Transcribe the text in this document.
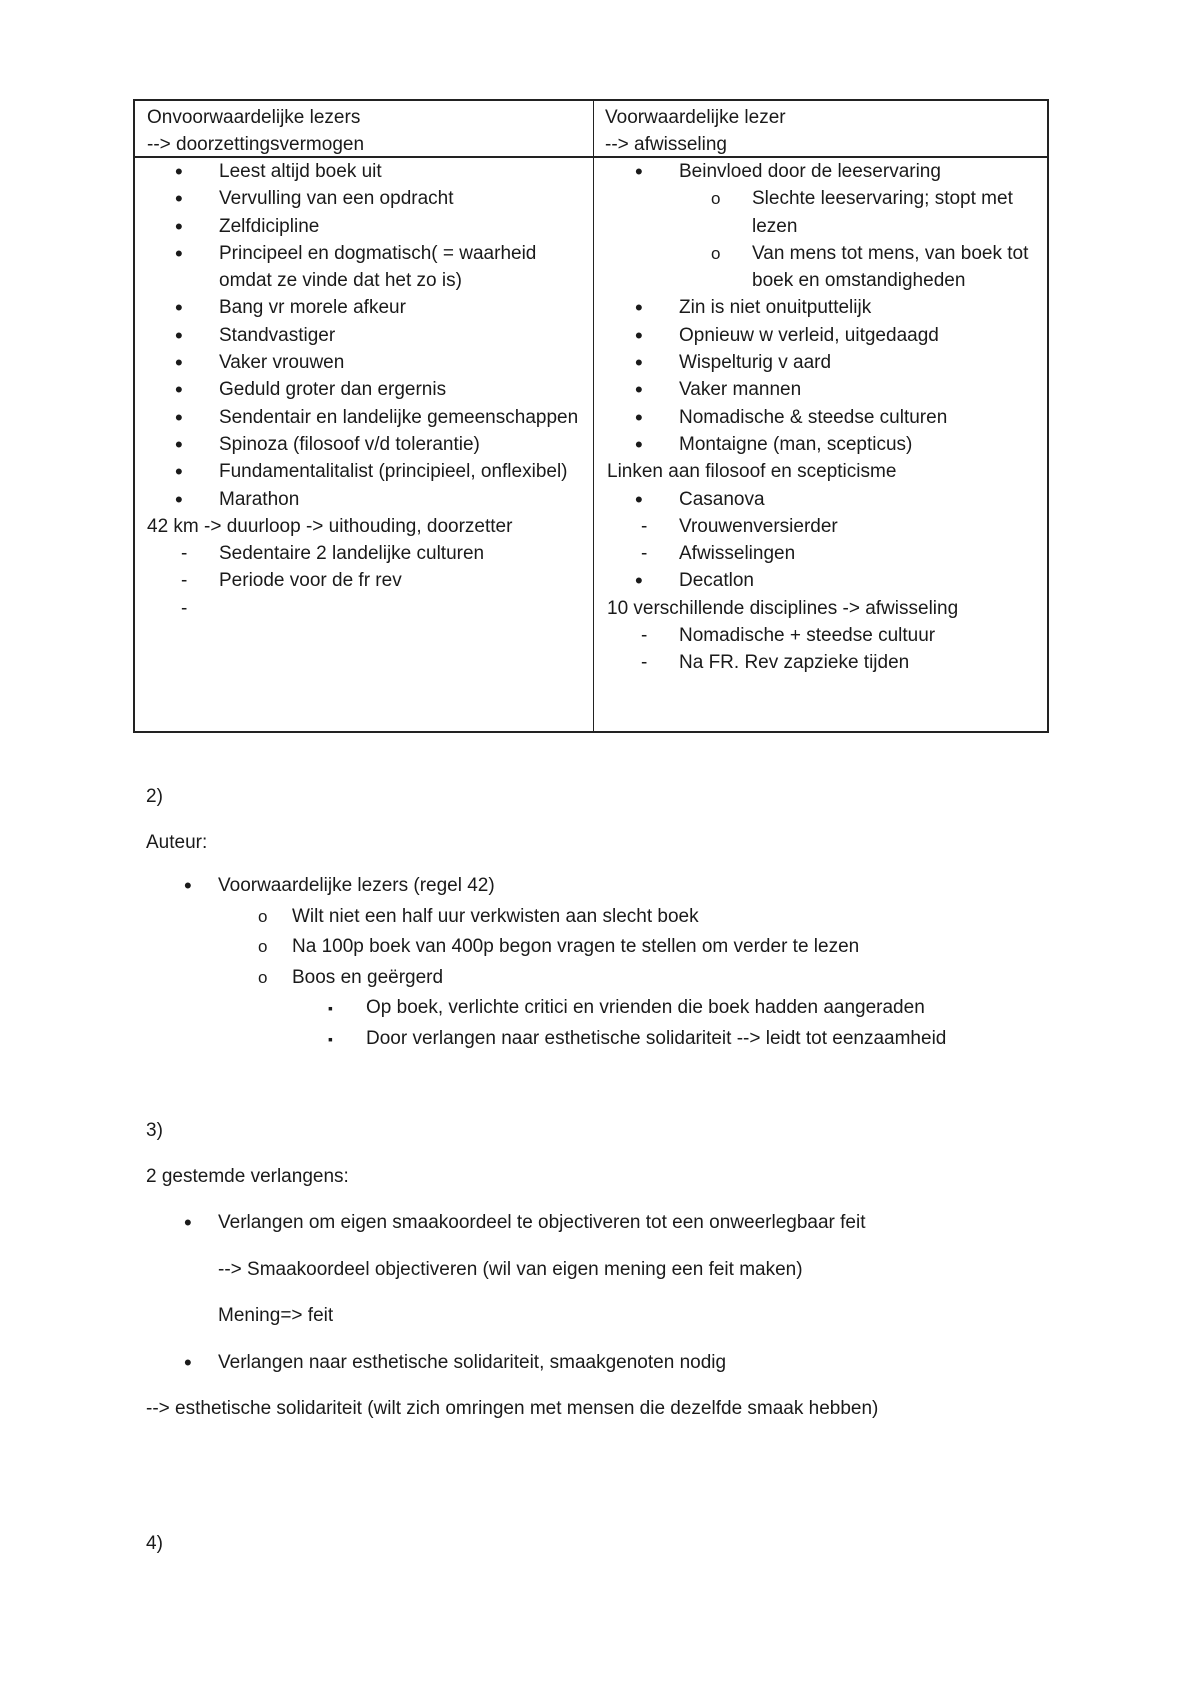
Onvoorwaardelijke lezers
--> doorzettingsvermogen
Voorwaardelijke lezer
--> afwisseling
• Leest altijd boek uit
• Vervulling van een opdracht
• Zelfdicipline
• Principeel en dogmatisch( = waarheid omdat ze vinde dat het zo is)
• Bang vr morele afkeur
• Standvastiger
• Vaker vrouwen
• Geduld groter dan ergernis
• Sendentair en landelijke gemeenschappen
• Spinoza (filosoof v/d tolerantie)
• Fundamentalitalist (principieel, onflexibel)
• Marathon
42 km -> duurloop -> uithouding, doorzetter
- Sedentaire 2 landelijke culturen
- Periode voor de fr rev
-
• Beinvloed door de leeservaring
o Slechte leeservaring; stopt met lezen
o Van mens tot mens, van boek tot boek en omstandigheden
• Zin is niet onuitputtelijk
• Opnieuw w verleid, uitgedaagd
• Wispelturig v aard
• Vaker mannen
• Nomadische & steedse culturen
• Montaigne (man, scepticus)
Linken aan filosoof en scepticisme
• Casanova
- Vrouwenversierder
- Afwisselingen
• Decatlon
10 verschillende disciplines -> afwisseling
- Nomadische + steedse cultuur
- Na FR. Rev zapzieke tijden
2)
Auteur:
• Voorwaardelijke lezers (regel 42)
o Wilt niet een half uur verkwisten aan slecht boek
o Na 100p boek van 400p begon vragen te stellen om verder te lezen
o Boos en geërgerd
▪ Op boek, verlichte critici en vrienden die boek hadden aangeraden
▪ Door verlangen naar esthetische solidariteit --> leidt tot eenzaamheid
3)
2 gestemde verlangens:
• Verlangen om eigen smaakoordeel te objectiveren tot een onweerlegbaar feit
--> Smaakoordeel objectiveren (wil van eigen mening een feit maken)
Mening=> feit
• Verlangen naar esthetische solidariteit, smaakgenoten nodig
--> esthetische solidariteit (wilt zich omringen met mensen die dezelfde smaak hebben)
4)
